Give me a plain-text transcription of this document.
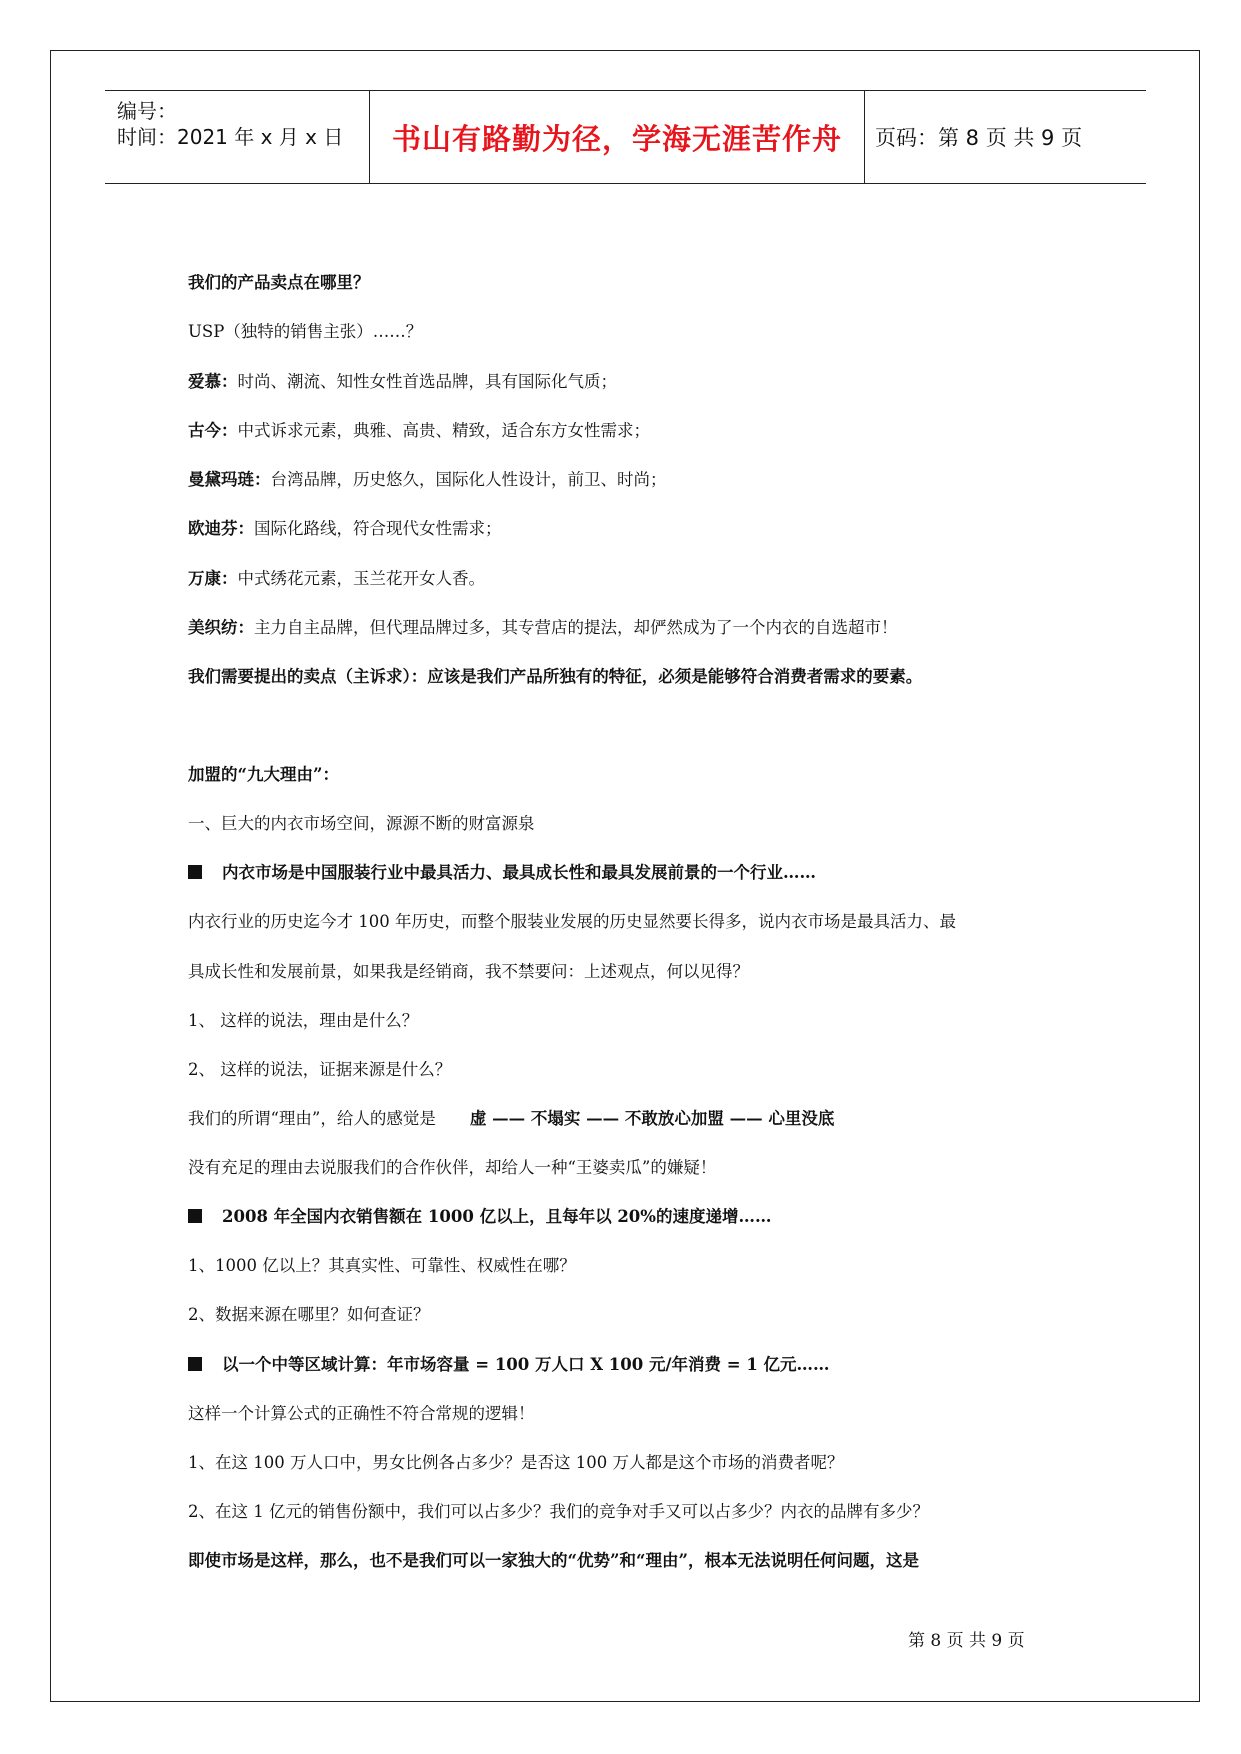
编号：
时间：2021 年 x 月 x 日 书山有路勤为径，学海无涯苦作舟 页码：第 8 页 共 9 页
我们的产品卖点在哪里？
USP（独特的销售主张）……？
爱慕：时尚、潮流、知性女性首选品牌，具有国际化气质；
古今：中式诉求元素，典雅、高贵、精致，适合东方女性需求；
曼黛玛琏：台湾品牌，历史悠久，国际化人性设计，前卫、时尚；
欧迪芬：国际化路线，符合现代女性需求；
万康：中式绣花元素，玉兰花开女人香。
美织纺：主力自主品牌，但代理品牌过多，其专营店的提法，却俨然成为了一个内衣的自选超市！
我们需要提出的卖点（主诉求）：应该是我们产品所独有的特征，必须是能够符合消费者需求的要素。
加盟的“九大理由”：
一、巨大的内衣市场空间，源源不断的财富源泉
内衣市场是中国服装行业中最具活力、最具成长性和最具发展前景的一个行业……
内衣行业的历史迄今才 100 年历史，而整个服装业发展的历史显然要长得多，说内衣市场是最具活力、最
具成长性和发展前景，如果我是经销商，我不禁要问：上述观点，何以见得？
1、 这样的说法，理由是什么？
2、 这样的说法，证据来源是什么？
我们的所谓“理由”，给人的感觉是 虚 —— 不塌实 —— 不敢放心加盟 —— 心里没底
没有充足的理由去说服我们的合作伙伴，却给人一种“王婆卖瓜”的嫌疑！
2008 年全国内衣销售额在 1000 亿以上，且每年以 20%的速度递增……
1、1000 亿以上？其真实性、可靠性、权威性在哪？
2、数据来源在哪里？如何查证？
以一个中等区域计算：年市场容量 = 100 万人口 X 100 元/年消费 = 1 亿元……
这样一个计算公式的正确性不符合常规的逻辑！
1、在这 100 万人口中，男女比例各占多少？是否这 100 万人都是这个市场的消费者呢？
2、在这 1 亿元的销售份额中，我们可以占多少？我们的竞争对手又可以占多少？内衣的品牌有多少？
即使市场是这样，那么，也不是我们可以一家独大的“优势”和“理由”，根本无法说明任何问题，这是
第 8 页 共 9 页
